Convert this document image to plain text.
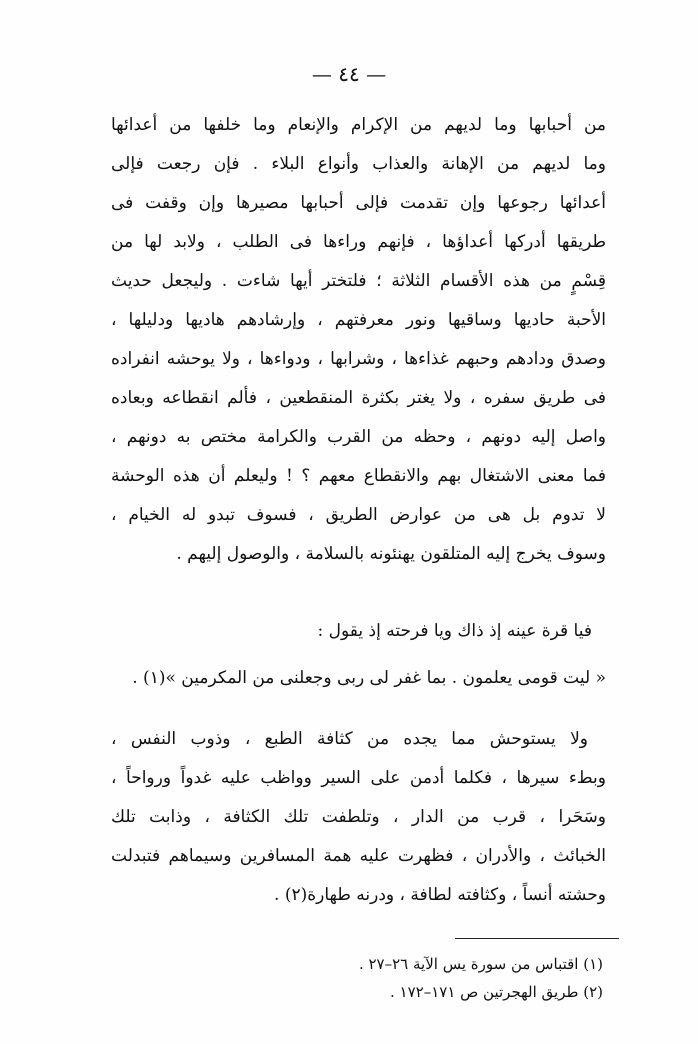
— ٤٤ —
من أحبابها وما لديهم من الإكرام والإنعام وما خلفها من أعدائها
وما لديهم من الإهانة والعذاب وأنواع البلاء . فإن رجعت فإلى
أعدائها رجوعها وإن تقدمت فإلى أحبابها مصيرها وإن وقفت فى
طريقها أدركها أعداؤها ، فإنهم وراءها فى الطلب ، ولابد لها من
قِسْمٍ من هذه الأقسام الثلاثة ؛ فلتختر أيها شاءت . وليجعل حديث
الأحبة حاديها وساقيها ونور معرفتهم ، وإرشادهم هاديها ودليلها ،
وصدق ودادهم وحبهم غذاءها ، وشرابها ، ودواءها ، ولا يوحشه انفراده
فى طريق سفره ، ولا يغتر بكثرة المنقطعين ، فألم انقطاعه وبعاده
واصل إليه دونهم ، وحظه من القرب والكرامة مختص به دونهم ،
فما معنى الاشتغال بهم والانقطاع معهم ؟ ! وليعلم أن هذه الوحشة
لا تدوم بل هى من عوارض الطريق ، فسوف تبدو له الخيام ،
وسوف يخرج إليه المتلقون يهنئونه بالسلامة ، والوصول إليهم .
فيا قرة عينه إذ ذاك ويا فرحته إذ يقول :
« ليت قومى يعلمون . بما غفر لى ربى وجعلنى من المكرمين »(١) .
ولا يستوحش مما يجده من كثافة الطبع ، وذوب النفس ،
وبطء سيرها ، فكلما أدمن على السير وواظب عليه غدواً ورواحاً ،
وسَحَرا ، قرب من الدار ، وتلطفت تلك الكثافة ، وذابت تلك
الخبائث ، والأدران ، فظهرت عليه همة المسافرين وسيماهم فتبدلت
وحشته أنساً ، وكثافته لطافة ، ودرنه طهارة(٢) .
(١) اقتباس من سورة يس الآية ٢٦–٢٧ .
(٢) طريق الهجرتين ص ١٧١–١٧٢ .
